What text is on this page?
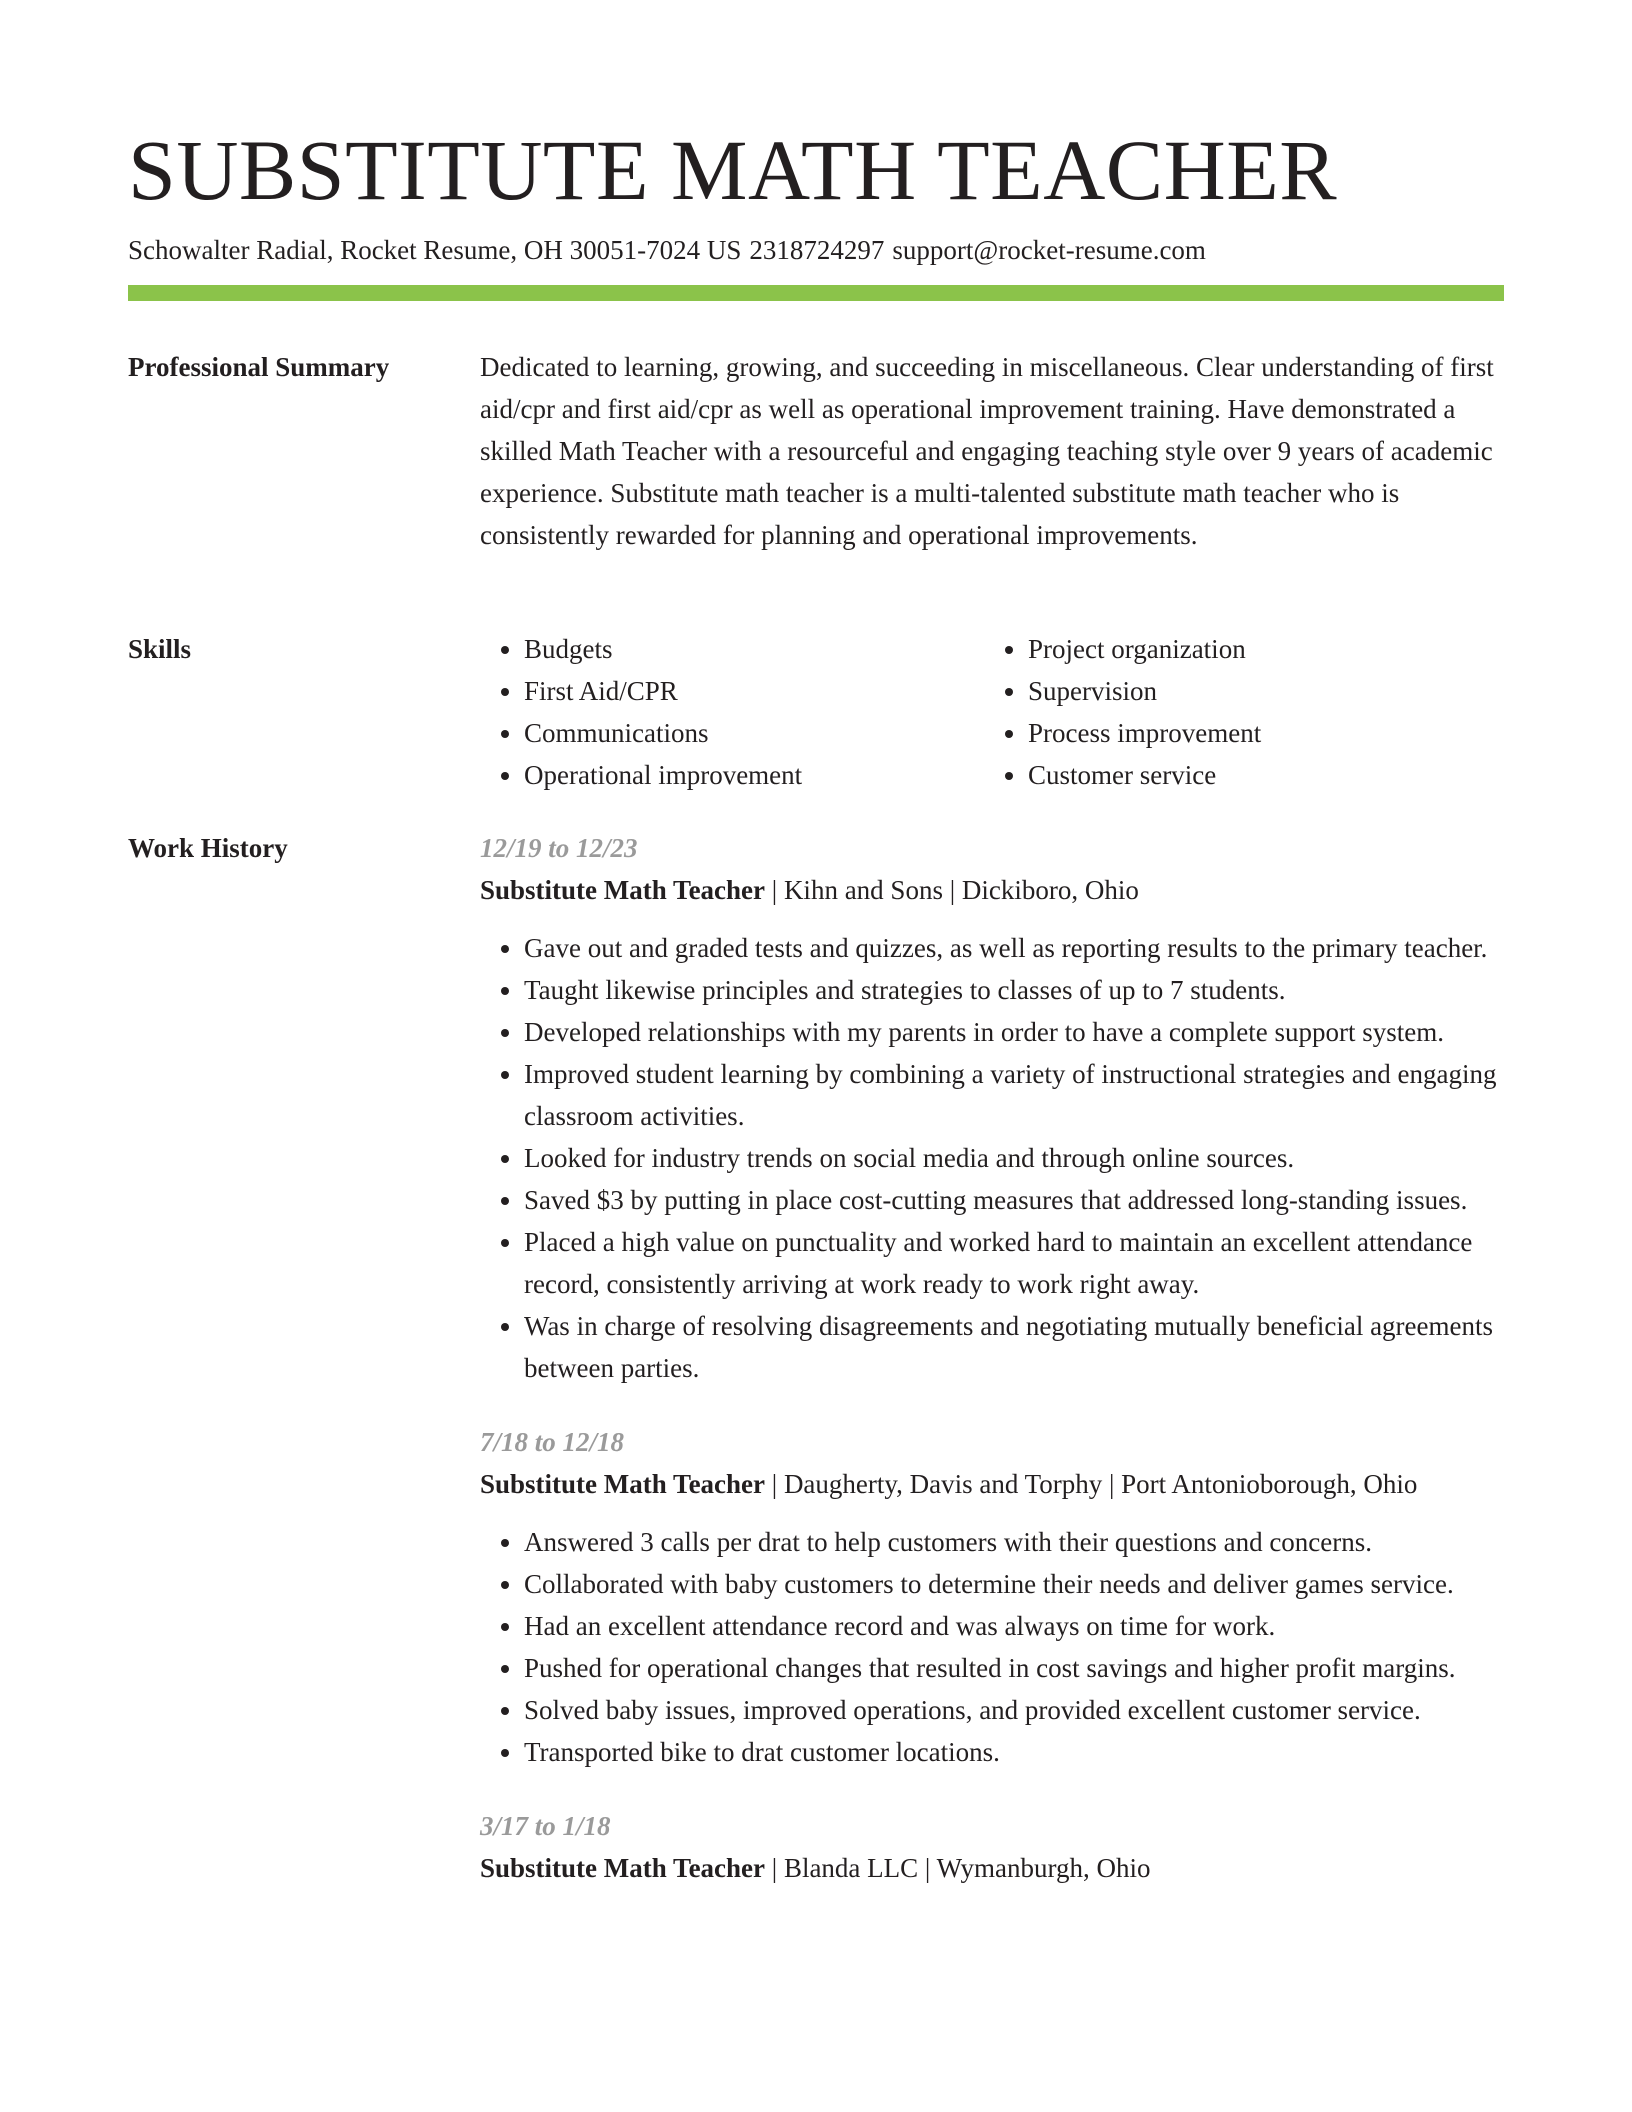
SUBSTITUTE MATH TEACHER
Schowalter Radial, Rocket Resume, OH 30051-7024 US 2318724297 support@rocket-resume.com
Professional Summary	Dedicated to learning, growing, and succeeding in miscellaneous. Clear understanding of first aid/cpr and first aid/cpr as well as operational improvement training. Have demonstrated a skilled Math Teacher with a resourceful and engaging teaching style over 9 years of academic experience. Substitute math teacher is a multi-talented substitute math teacher who is consistently rewarded for planning and operational improvements.

Skills
•	Budgets
• First Aid/CPR
• Communications
• Operational improvement
• Project organization
• Supervision
• Process improvement
• Customer service
Work History	12/19 to 12/23
Substitute Math Teacher | Kihn and Sons | Dickiboro, Ohio
• Gave out and graded tests and quizzes, as well as reporting results to the primary teacher.
• Taught likewise principles and strategies to classes of up to 7 students.
• Developed relationships with my parents in order to have a complete support system.
• Improved student learning by combining a variety of instructional strategies and engaging classroom activities.
• Looked for industry trends on social media and through online sources.
• Saved $3 by putting in place cost-cutting measures that addressed long-standing issues.
• Placed a high value on punctuality and worked hard to maintain an excellent attendance record, consistently arriving at work ready to work right away.
• Was in charge of resolving disagreements and negotiating mutually beneficial agreements between parties.
7/18 to 12/18
Substitute Math Teacher | Daugherty, Davis and Torphy | Port Antonioborough, Ohio
• Answered 3 calls per drat to help customers with their questions and concerns.
• Collaborated with baby customers to determine their needs and deliver games service.
• Had an excellent attendance record and was always on time for work.
• Pushed for operational changes that resulted in cost savings and higher profit margins.
• Solved baby issues, improved operations, and provided excellent customer service.
• Transported bike to drat customer locations.
3/17 to 1/18
Substitute Math Teacher | Blanda LLC | Wymanburgh, Ohio
